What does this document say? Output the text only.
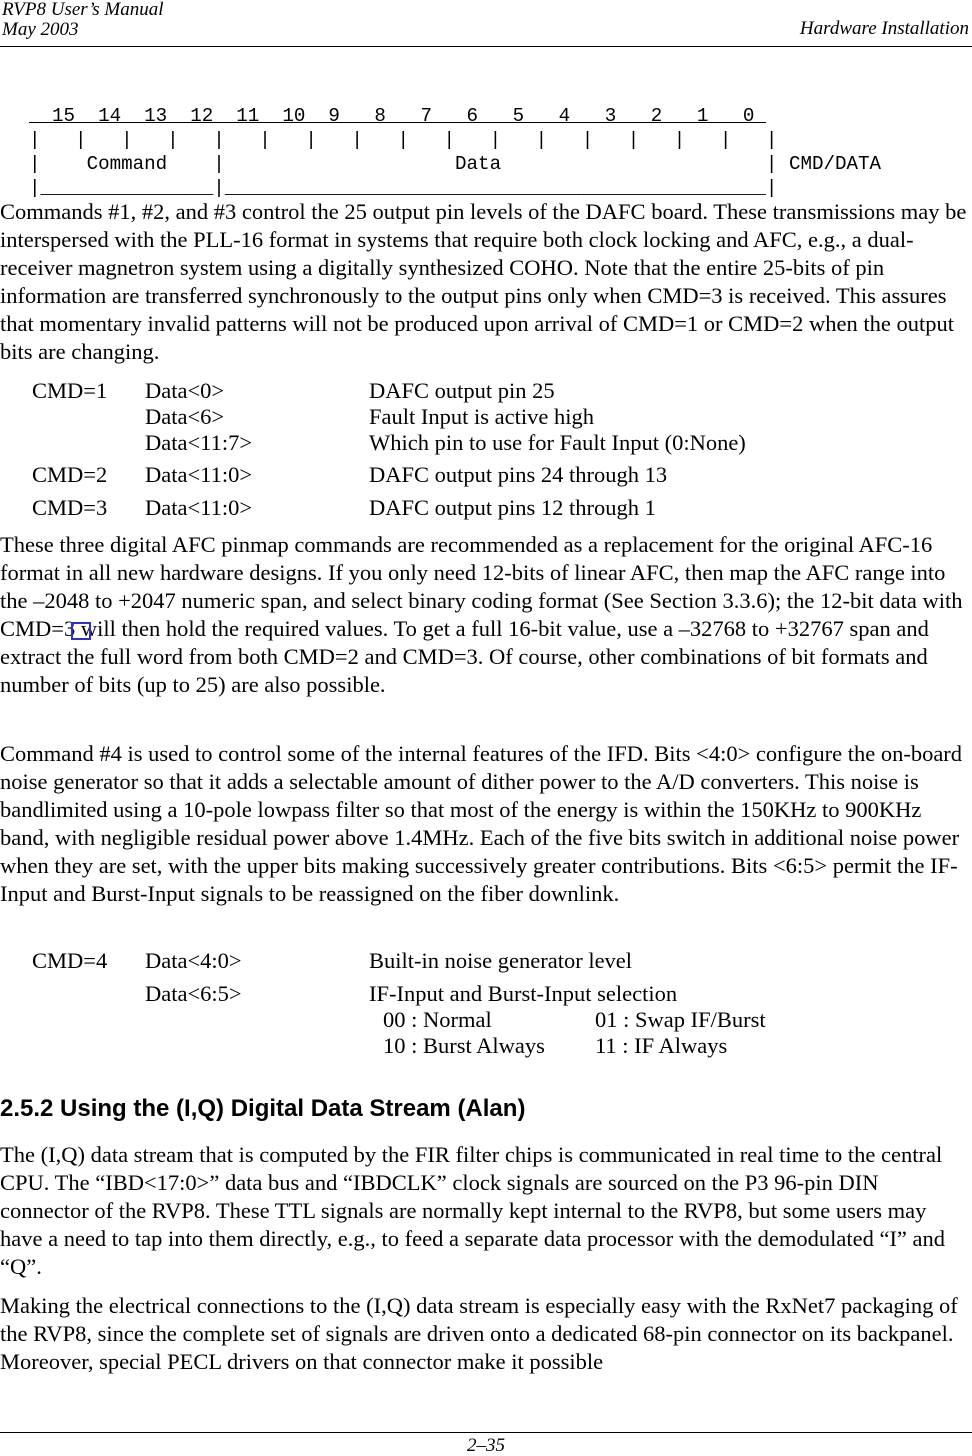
RVP8 User’s Manual
May 2003	Hardware Installation
15  14  13  12  11  10  9   8   7   6   5   4   3   2   1   0
|   |   |   |   |   |   |   |   |   |   |   |   |   |   |   |   |
|    Command    |                    Data                       | CMD/DATA
|_______________|_______________________________________________|

Commands #1, #2, and #3 control the 25 output pin levels of the DAFC board. These transmissions may be interspersed with the PLL-16 format in systems that require both clock locking and AFC, e.g., a dual-receiver magnetron system using a digitally synthesized COHO. Note that the entire 25-bits of pin information are transferred synchronously to the output pins only when CMD=3 is received. This assures that momentary invalid patterns will not be produced upon arrival of CMD=1 or CMD=2 when the output bits are changing.

CMD=1 Data<0>	DAFC output pin 25
Data<6>	Fault Input is active high
Data<11:7>	Which pin to use for Fault Input (0:None)
CMD=2 Data<11:0>	DAFC output pins 24 through 13
CMD=3 Data<11:0>	DAFC output pins 12 through 1

These three digital AFC pinmap commands are recommended as a replacement for the original AFC-16 format in all new hardware designs. If you only need 12-bits of linear AFC, then map the AFC range into the –2048 to +2047 numeric span, and select binary coding format (See Section 3.3.6); the 12-bit data with CMD=3 will then hold the required values. To get a full 16-bit value, use a –32768 to +32767 span and extract the full word from both CMD=2 and CMD=3. Of course, other combinations of bit formats and number of bits (up to 25) are also possible.

Command #4 is used to control some of the internal features of the IFD. Bits <4:0> configure the on-board noise generator so that it adds a selectable amount of dither power to the A/D converters. This noise is bandlimited using a 10-pole lowpass filter so that most of the energy is within the 150KHz to 900KHz band, with negligible residual power above 1.4MHz. Each of the five bits switch in additional noise power when they are set, with the upper bits making successively greater contributions. Bits <6:5> permit the IF-Input and Burst-Input signals to be reassigned on the fiber downlink.

CMD=4 Data<4:0>	Built-in noise generator level
Data<6:5>	IF-Input and Burst-Input selection
00 : Normal	01 : Swap IF/Burst
10 : Burst Always 11 : IF Always
2.5.2 Using the (I,Q) Digital Data Stream (Alan)

The (I,Q) data stream that is computed by the FIR filter chips is communicated in real time to the central CPU. The “IBD<17:0>” data bus and “IBDCLK” clock signals are sourced on the P3 96-pin DIN connector of the RVP8. These TTL signals are normally kept internal to the RVP8, but some users may have a need to tap into them directly, e.g., to feed a separate data processor with the demodulated “I” and “Q”.

Making the electrical connections to the (I,Q) data stream is especially easy with the RxNet7 packaging of the RVP8, since the complete set of signals are driven onto a dedicated 68-pin connector on its backpanel. Moreover, special PECL drivers on that connector make it possible

2–35
